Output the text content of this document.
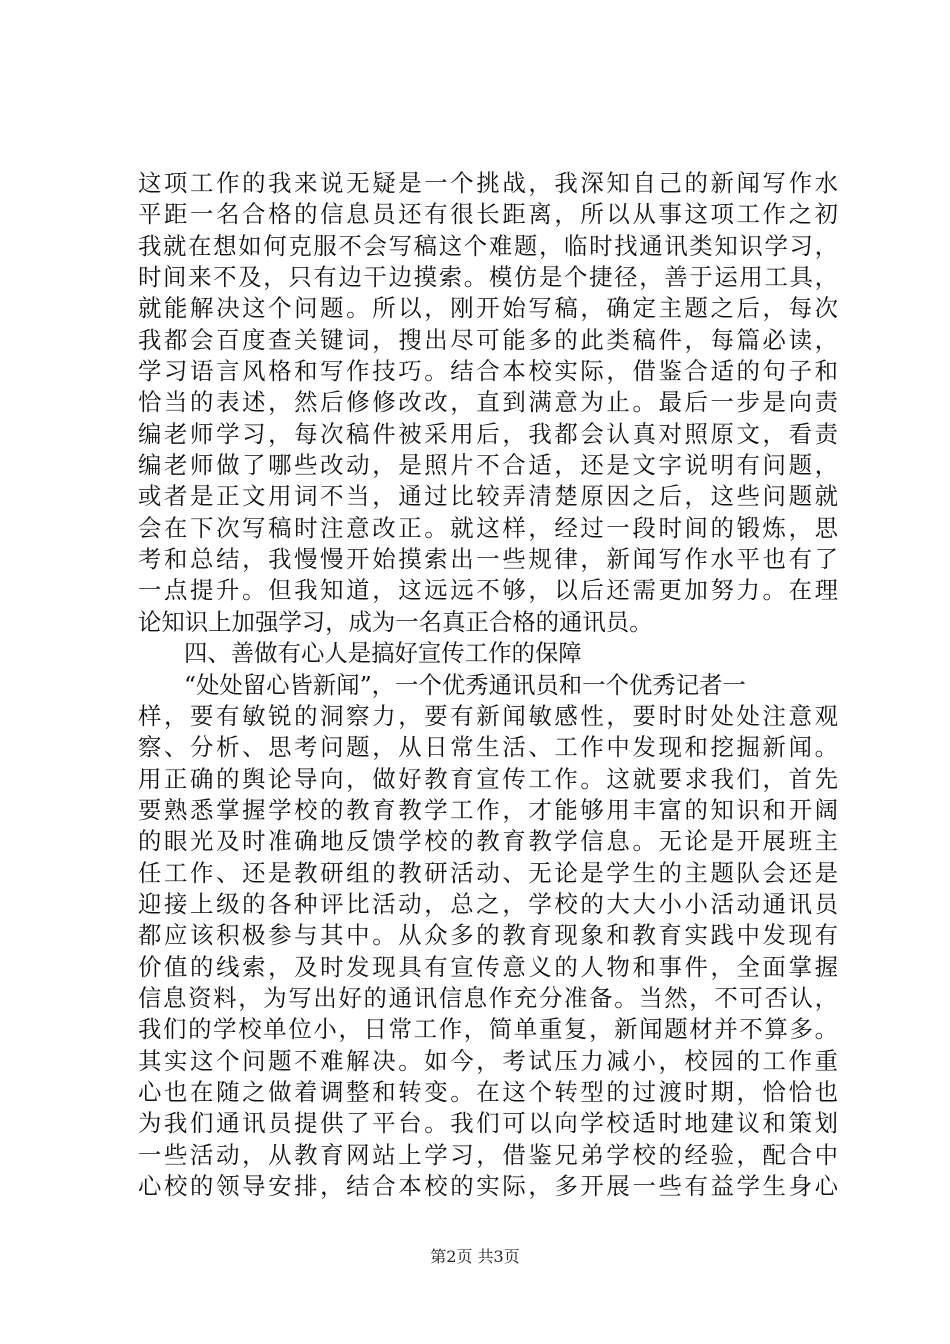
这项工作的我来说无疑是一个挑战，我深知自己的新闻写作水
平距一名合格的信息员还有很长距离，所以从事这项工作之初
我就在想如何克服不会写稿这个难题，临时找通讯类知识学习，
时间来不及，只有边干边摸索。模仿是个捷径，善于运用工具，
就能解决这个问题。所以，刚开始写稿，确定主题之后，每次
我都会百度查关键词，搜出尽可能多的此类稿件，每篇必读，
学习语言风格和写作技巧。结合本校实际，借鉴合适的句子和
恰当的表述，然后修修改改，直到满意为止。最后一步是向责
编老师学习，每次稿件被采用后，我都会认真对照原文，看责
编老师做了哪些改动，是照片不合适，还是文字说明有问题，
或者是正文用词不当，通过比较弄清楚原因之后，这些问题就
会在下次写稿时注意改正。就这样，经过一段时间的锻炼，思
考和总结，我慢慢开始摸索出一些规律，新闻写作水平也有了
一点提升。但我知道，这远远不够，以后还需更加努力。在理
论知识上加强学习，成为一名真正合格的通讯员。
四、善做有心人是搞好宣传工作的保障
“处处留心皆新闻”，一个优秀通讯员和一个优秀记者一
样，要有敏锐的洞察力，要有新闻敏感性，要时时处处注意观
察、分析、思考问题，从日常生活、工作中发现和挖掘新闻。
用正确的舆论导向，做好教育宣传工作。这就要求我们，首先
要熟悉掌握学校的教育教学工作，才能够用丰富的知识和开阔
的眼光及时准确地反馈学校的教育教学信息。无论是开展班主
任工作、还是教研组的教研活动、无论是学生的主题队会还是
迎接上级的各种评比活动，总之，学校的大大小小活动通讯员
都应该积极参与其中。从众多的教育现象和教育实践中发现有
价值的线索，及时发现具有宣传意义的人物和事件，全面掌握
信息资料，为写出好的通讯信息作充分准备。当然，不可否认，
我们的学校单位小，日常工作，简单重复，新闻题材并不算多。
其实这个问题不难解决。如今，考试压力减小，校园的工作重
心也在随之做着调整和转变。在这个转型的过渡时期，恰恰也
为我们通讯员提供了平台。我们可以向学校适时地建议和策划
一些活动，从教育网站上学习，借鉴兄弟学校的经验，配合中
心校的领导安排，结合本校的实际，多开展一些有益学生身心
第2页 共3页
